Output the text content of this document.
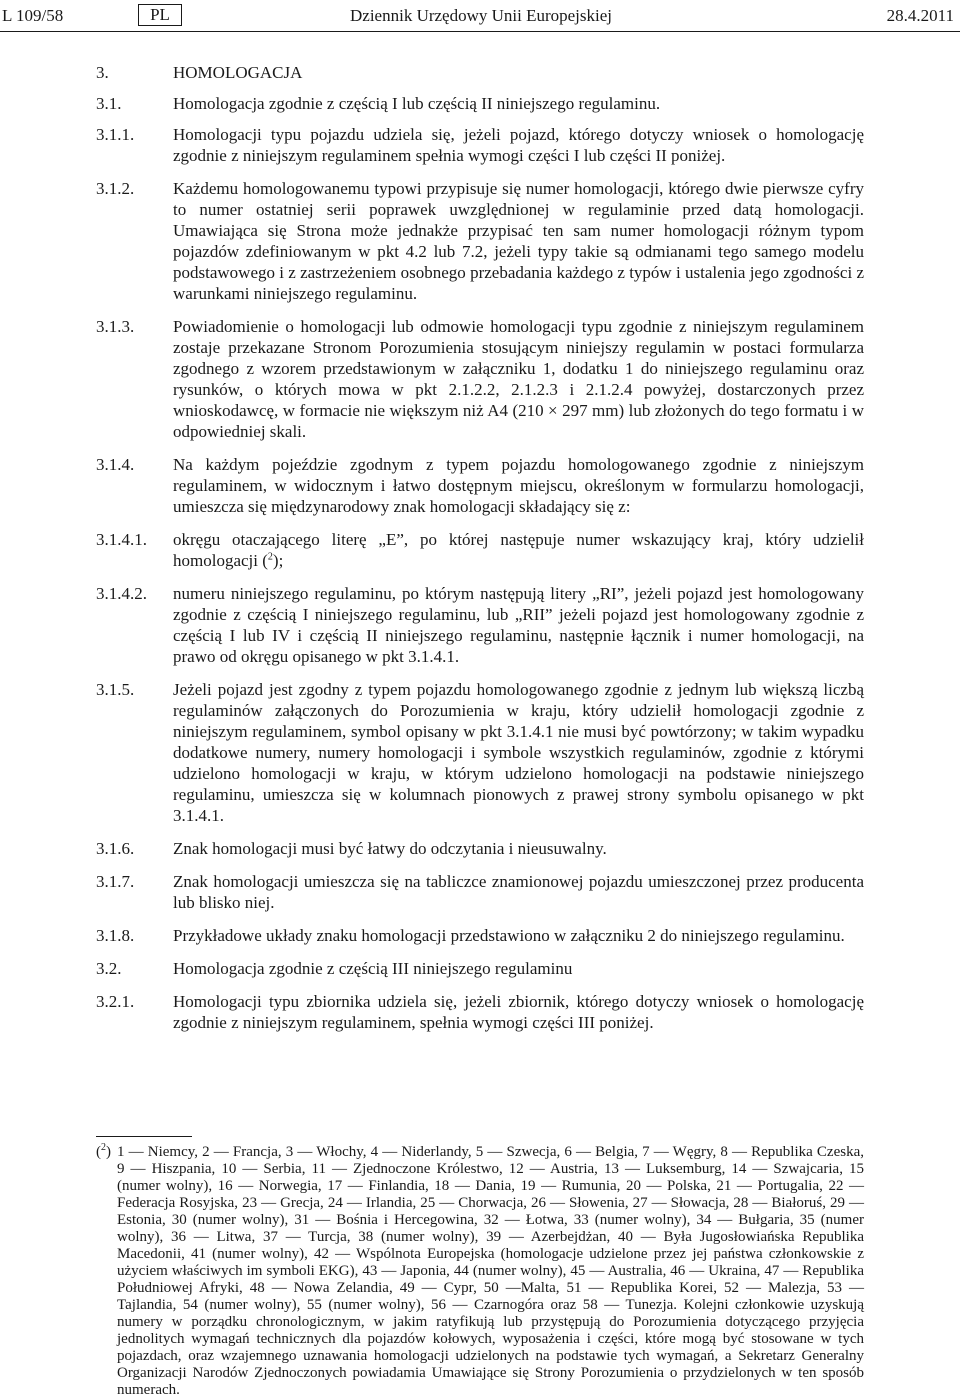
L 109/58	PL	Dziennik Urzędowy Unii Europejskiej	28.4.2011
3.	HOMOLOGACJA
3.1.	Homologacja zgodnie z częścią I lub częścią II niniejszego regulaminu.
3.1.1.	Homologacji typu pojazdu udziela się, jeżeli pojazd, którego dotyczy wniosek o homologację zgodnie z niniejszym regulaminem spełnia wymogi części I lub części II poniżej.
3.1.2.	Każdemu homologowanemu typowi przypisuje się numer homologacji, którego dwie pierwsze cyfry to numer ostatniej serii poprawek uwzględnionej w regulaminie przed datą homologacji. Umawiająca się Strona może jednakże przypisać ten sam numer homologacji różnym typom pojazdów zdefiniowanym w pkt 4.2 lub 7.2, jeżeli typy takie są odmianami tego samego modelu podstawowego i z zastrzeżeniem osobnego przebadania każdego z typów i ustalenia jego zgodności z warunkami niniejszego regulaminu.
3.1.3.	Powiadomienie o homologacji lub odmowie homologacji typu zgodnie z niniejszym regulaminem zostaje przekazane Stronom Porozumienia stosującym niniejszy regulamin w postaci formularza zgodnego z wzorem przedstawionym w załączniku 1, dodatku 1 do niniejszego regulaminu oraz rysunków, o których mowa w pkt 2.1.2.2, 2.1.2.3 i 2.1.2.4 powyżej, dostarczonych przez wnioskodawcę, w formacie nie większym niż A4 (210 × 297 mm) lub złożonych do tego formatu i w odpowiedniej skali.
3.1.4.	Na każdym pojeździe zgodnym z typem pojazdu homologowanego zgodnie z niniejszym regulaminem, w widocznym i łatwo dostępnym miejscu, określonym w formularzu homologacji, umieszcza się międzynarodowy znak homologacji składający się z:
3.1.4.1.	okręgu otaczającego literę „E”, po której następuje numer wskazujący kraj, który udzielił homologacji ($^2$);
3.1.4.2.	numeru niniejszego regulaminu, po którym następują litery „RI”, jeżeli pojazd jest homologowany zgodnie z częścią I niniejszego regulaminu, lub „RII” jeżeli pojazd jest homologowany zgodnie z częścią I lub IV i częścią II niniejszego regulaminu, następnie łącznik i numer homologacji, na prawo od okręgu opisanego w pkt 3.1.4.1.
3.1.5.	Jeżeli pojazd jest zgodny z typem pojazdu homologowanego zgodnie z jednym lub większą liczbą regulaminów załączonych do Porozumienia w kraju, który udzielił homologacji zgodnie z niniejszym regulaminem, symbol opisany w pkt 3.1.4.1 nie musi być powtórzony; w takim wypadku dodatkowe numery, numery homologacji i symbole wszystkich regulaminów, zgodnie z którymi udzielono homologacji w kraju, w którym udzielono homologacji na podstawie niniejszego regulaminu, umieszcza się w kolumnach pionowych z prawej strony symbolu opisanego w pkt 3.1.4.1.
3.1.6.	Znak homologacji musi być łatwy do odczytania i nieusuwalny.
3.1.7.	Znak homologacji umieszcza się na tabliczce znamionowej pojazdu umieszczonej przez producenta lub blisko niej.
3.1.8.	Przykładowe układy znaku homologacji przedstawiono w załączniku 2 do niniejszego regulaminu.
3.2.	Homologacja zgodnie z częścią III niniejszego regulaminu
3.2.1.	Homologacji typu zbiornika udziela się, jeżeli zbiornik, którego dotyczy wniosek o homologację zgodnie z niniejszym regulaminem, spełnia wymogi części III poniżej.
($^2$) 1 — Niemcy, 2 — Francja, 3 — Włochy, 4 — Niderlandy, 5 — Szwecja, 6 — Belgia, 7 — Węgry, 8 — Republika Czeska, 9 — Hiszpania, 10 — Serbia, 11 — Zjednoczone Królestwo, 12 — Austria, 13 — Luksemburg, 14 — Szwajcaria, 15 (numer wolny), 16 — Norwegia, 17 — Finlandia, 18 — Dania, 19 — Rumunia, 20 — Polska, 21 — Portugalia, 22 — Federacja Rosyjska, 23 — Grecja, 24 — Irlandia, 25 — Chorwacja, 26 — Słowenia, 27 — Słowacja, 28 — Białoruś, 29 — Estonia, 30 (numer wolny), 31 — Bośnia i Hercegowina, 32 — Łotwa, 33 (numer wolny), 34 — Bułgaria, 35 (numer wolny), 36 — Litwa, 37 — Turcja, 38 (numer wolny), 39 — Azerbejdżan, 40 — Była Jugosłowiańska Republika Macedonii, 41 (numer wolny), 42 — Wspólnota Europejska (homologacje udzielone przez jej państwa członkowskie z użyciem właściwych im symboli EKG), 43 — Japonia, 44 (numer wolny), 45 — Australia, 46 — Ukraina, 47 — Republika Południowej Afryki, 48 — Nowa Zelandia, 49 — Cypr, 50 —Malta, 51 — Republika Korei, 52 — Malezja, 53 — Tajlandia, 54 (numer wolny), 55 (numer wolny), 56 — Czarnogóra oraz 58 — Tunezja. Kolejni członkowie uzyskują numery w porządku chronologicznym, w jakim ratyfikują lub przystępują do Porozumienia dotyczącego przyjęcia jednolitych wymagań technicznych dla pojazdów kołowych, wyposażenia i części, które mogą być stosowane w tych pojazdach, oraz wzajemnego uznawania homologacji udzielonych na podstawie tych wymagań, a Sekretarz Generalny Organizacji Narodów Zjednoczonych powiadamia Umawiające się Strony Porozumienia o przydzielonych w ten sposób numerach.
